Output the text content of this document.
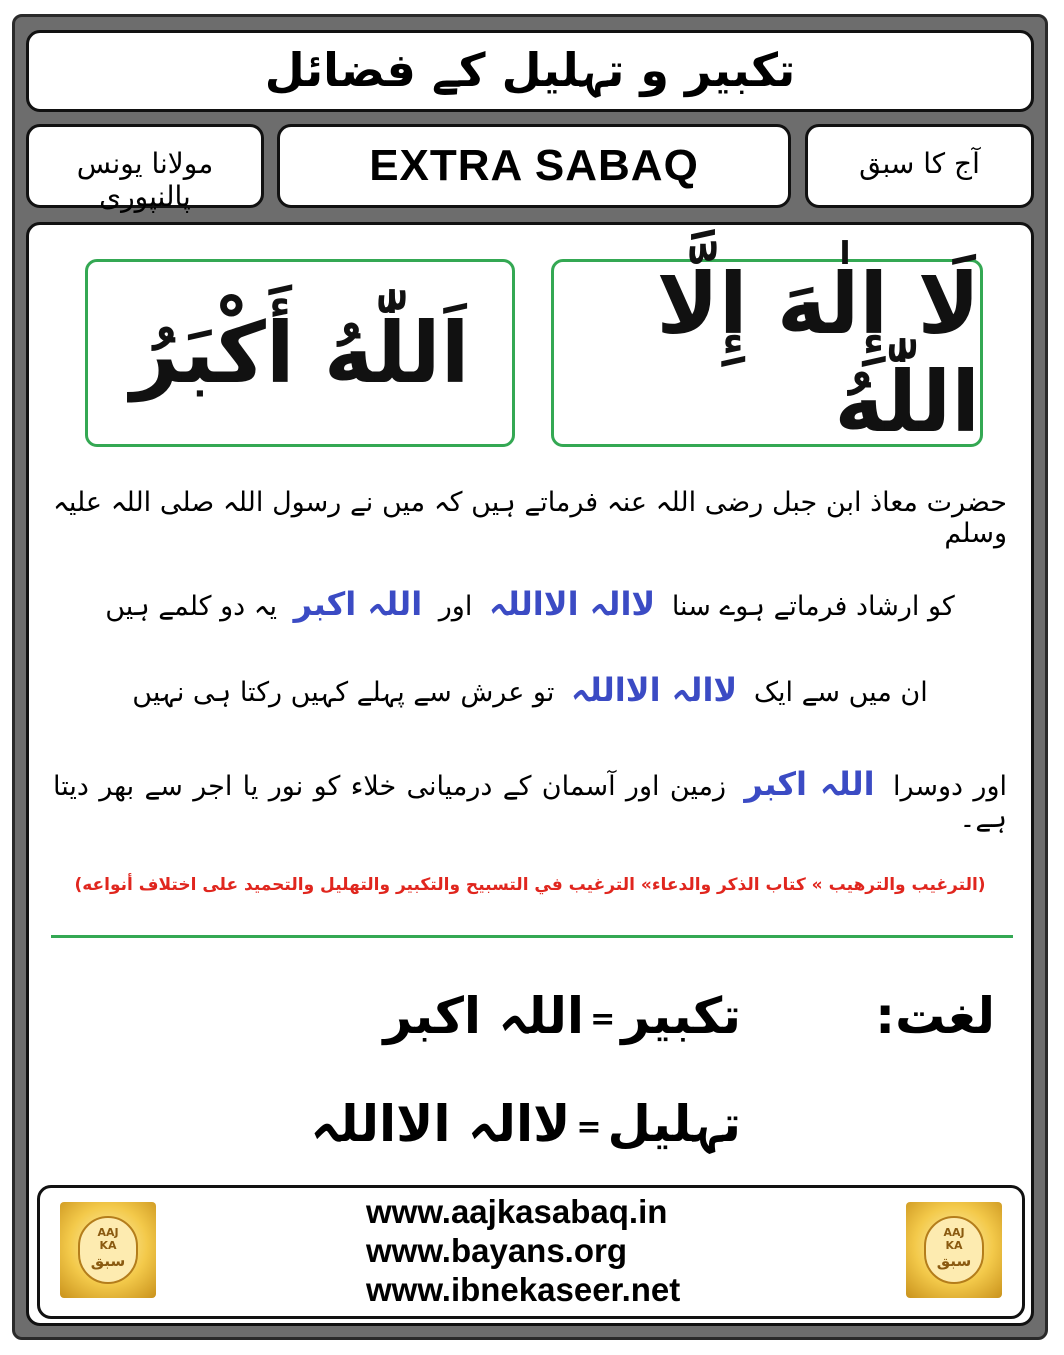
تکبیر و تہلیل کے فضائل
مولانا یونس پالنپوری
EXTRA SABAQ	آج کا سبق
اَللّٰهُ أَكْبَرُ	لَا إِلٰهَ إِلَّا اللّٰهُ
حضرت معاذ ابن جبل رضی اللہ عنہ فرماتے ہیں کہ میں نے رسول اللہ صلی اللہ علیہ وسلم
کو ارشاد فرماتے ہوے سنا لاالہ الااللہ اور اللہ اکبر یہ دو کلمے ہیں
ان میں سے ایک لاالہ الااللہ تو عرش سے پہلے کہیں رکتا ہی نہیں
اور دوسرا اللہ اکبر زمین اور آسمان کے درمیانی خلاء کو نور یا اجر سے بھر دیتا ہے۔
(الترغيب والترهيب » كتاب الذكر والدعاء» الترغيب في التسبيح والتكبير والتهليل والتحميد على اختلاف أنواعه)
لغت:
تکبیر=اللہ اکبر
تہلیل=لاالہ الااللہ
AAJ
KA
سبق
www.aajkasabaq.in
www.bayans.org
www.ibnekaseer.net
AAJ
KA
سبق
